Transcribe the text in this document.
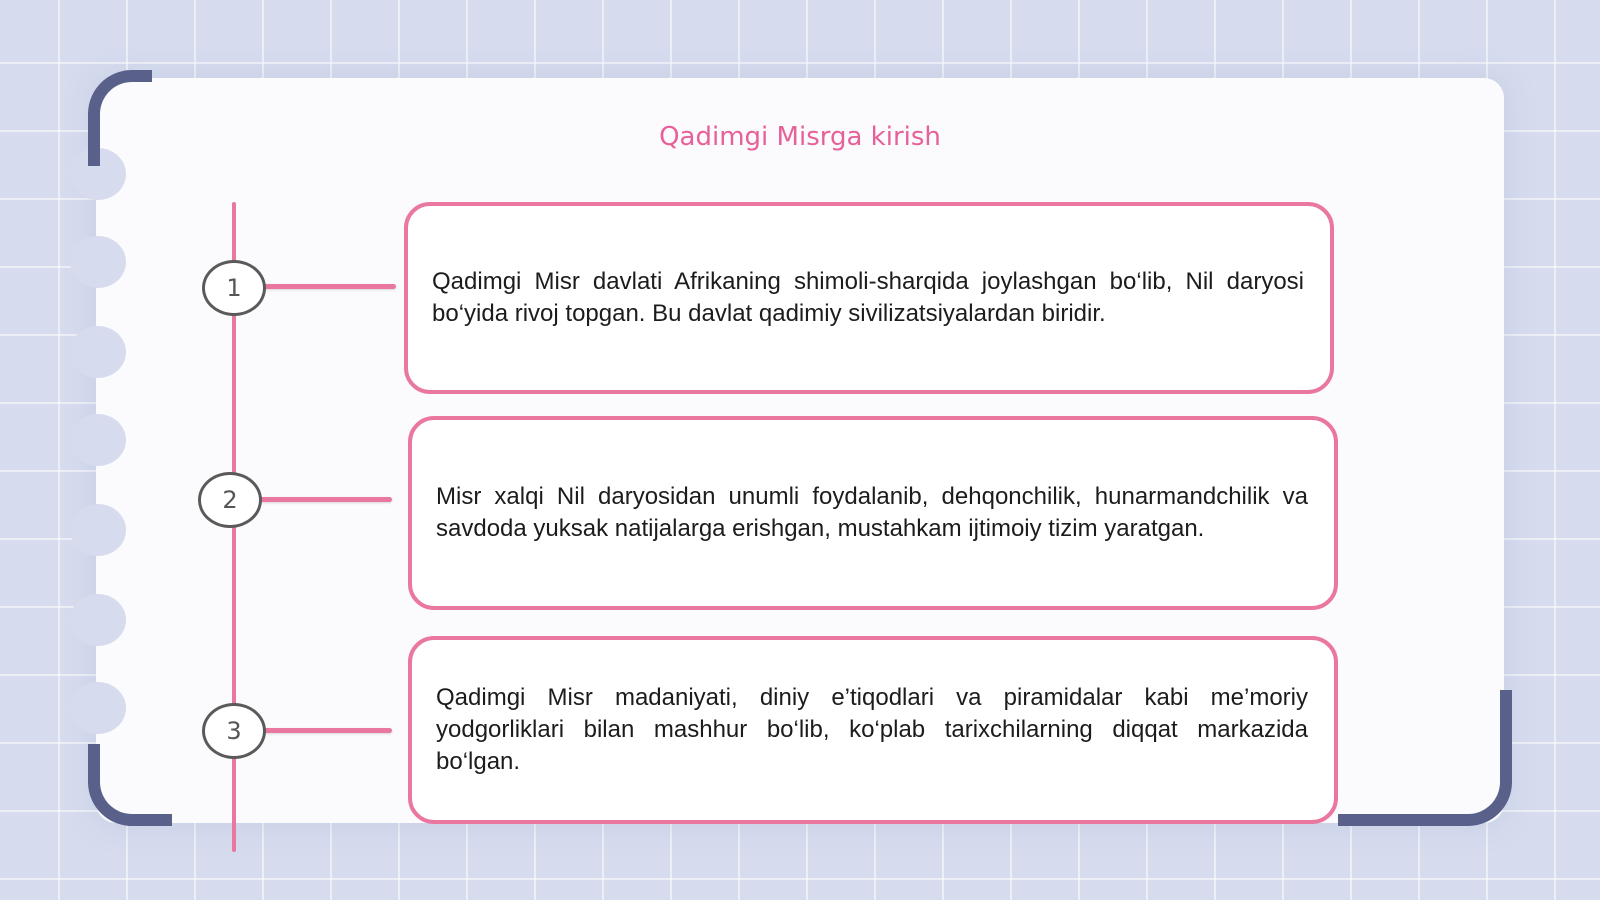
Qadimgi Misrga kirish
1	Qadimgi Misr davlati Afrikaning shimoli-sharqida joylashgan bo‘lib, Nil daryosi bo‘yida rivoj topgan. Bu davlat qadimiy sivilizatsiyalardan biridir.

2	Misr xalqi Nil daryosidan unumli foydalanib, dehqonchilik, hunarmandchilik va savdoda yuksak natijalarga erishgan, mustahkam ijtimoiy tizim yaratgan.

3

Qadimgi Misr madaniyati, diniy e’tiqodlari va piramidalar kabi me’moriy yodgorliklari bilan mashhur bo‘lib, ko‘plab tarixchilarning diqqat markazida bo‘lgan.
